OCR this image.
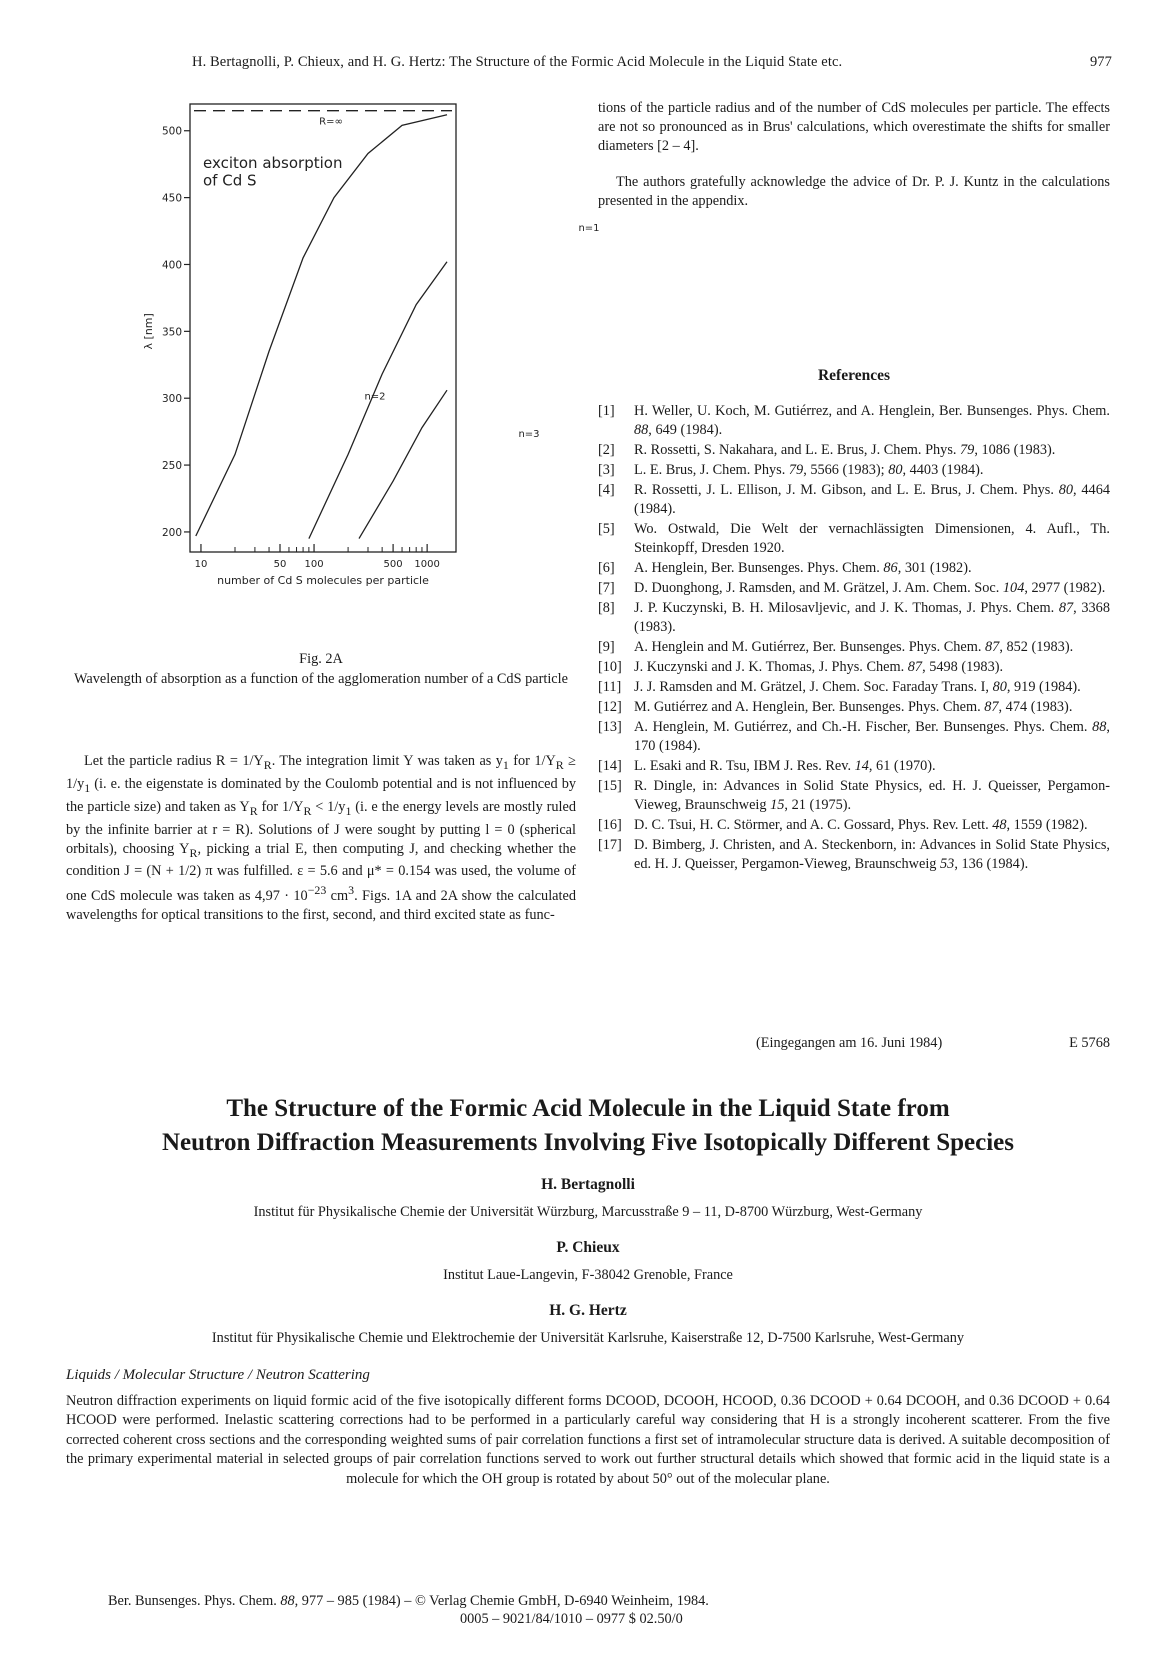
H. Bertagnolli, P. Chieux, and H. G. Hertz: The Structure of the Formic Acid Molecule in the Liquid State etc.	977
500
450
400
350
300
250
200
10	50 100	500 1000
number of Cd S molecules per particle
λ [nm]
R=∞
exciton absorption
of Cd S
n=1
n=2
n=3
Fig. 2A
Wavelength of absorption as a function of the agglomeration number of a CdS particle

Let the particle radius $R = 1/Y_R$. The integration limit Y was taken as $y_1$ for $1/Y_R \ge 1/y_1$ (i. e. the eigenstate is dominated by the Coulomb potential and is not influenced by the particle size) and taken as $Y_R$ for $1/Y_R < 1/y_1$ (i. e the energy levels are mostly ruled by the infinite barrier at r = R). Solutions of J were sought by putting l = 0 (spherical orbitals), choosing $Y_R$, picking a trial E, then computing J, and checking whether the condition J = (N + 1/2) π was fulfilled. ε = 5.6 and μ* = 0.154 was used, the volume of one CdS molecule was taken as $4,97 \cdot 10^{-23}$ $cm^3$. Figs. 1A and 2A show the calculated wavelengths for optical transitions to the first, second, and third excited state as func-

tions of the particle radius and of the number of CdS molecules per particle. The effects are not so pronounced as in Brus' calculations, which overestimate the shifts for smaller diameters [2 – 4].

The authors gratefully acknowledge the advice of Dr. P. J. Kuntz in the calculations presented in the appendix.

References
[1] H. Weller, U. Koch, M. Gutiérrez, and A. Henglein, Ber. Bunsenges. Phys. Chem. 88, 649 (1984).
[2] R. Rossetti, S. Nakahara, and L. E. Brus, J. Chem. Phys. 79, 1086 (1983).
[3] L. E. Brus, J. Chem. Phys. 79, 5566 (1983); 80, 4403 (1984).
[4] R. Rossetti, J. L. Ellison, J. M. Gibson, and L. E. Brus, J. Chem. Phys. 80, 4464 (1984).
[5] Wo. Ostwald, Die Welt der vernachlässigten Dimensionen, 4. Aufl., Th. Steinkopff, Dresden 1920.
[6] A. Henglein, Ber. Bunsenges. Phys. Chem. 86, 301 (1982).
[7] D. Duonghong, J. Ramsden, and M. Grätzel, J. Am. Chem. Soc. 104, 2977 (1982).
[8] J. P. Kuczynski, B. H. Milosavljevic, and J. K. Thomas, J. Phys. Chem. 87, 3368 (1983).
[9] A. Henglein and M. Gutiérrez, Ber. Bunsenges. Phys. Chem. 87, 852 (1983).
[10] J. Kuczynski and J. K. Thomas, J. Phys. Chem. 87, 5498 (1983).
[11] J. J. Ramsden and M. Grätzel, J. Chem. Soc. Faraday Trans. I, 80, 919 (1984).
[12] M. Gutiérrez and A. Henglein, Ber. Bunsenges. Phys. Chem. 87, 474 (1983).
[13] A. Henglein, M. Gutiérrez, and Ch.-H. Fischer, Ber. Bunsenges. Phys. Chem. 88, 170 (1984).
[14] L. Esaki and R. Tsu, IBM J. Res. Rev. 14, 61 (1970).
[15] R. Dingle, in: Advances in Solid State Physics, ed. H. J. Queisser, Pergamon-Vieweg, Braunschweig 15, 21 (1975).
[16] D. C. Tsui, H. C. Störmer, and A. C. Gossard, Phys. Rev. Lett. 48, 1559 (1982).
[17] D. Bimberg, J. Christen, and A. Steckenborn, in: Advances in Solid State Physics, ed. H. J. Queisser, Pergamon-Vieweg, Braunschweig 53, 136 (1984).
(Eingegangen am 16. Juni 1984)	E 5768
The Structure of the Formic Acid Molecule in the Liquid State from
Neutron Diffraction Measurements Involving Five Isotopically Different Species

H. Bertagnolli

Institut für Physikalische Chemie der Universität Würzburg, Marcusstraße 9 – 11, D-8700 Würzburg, West-Germany

P. Chieux

Institut Laue-Langevin, F-38042 Grenoble, France

H. G. Hertz

Institut für Physikalische Chemie und Elektrochemie der Universität Karlsruhe, Kaiserstraße 12, D-7500 Karlsruhe, West-Germany

Liquids / Molecular Structure / Neutron Scattering

Neutron diffraction experiments on liquid formic acid of the five isotopically different forms DCOOD, DCOOH, HCOOD, 0.36 DCOOD + 0.64 DCOOH, and 0.36 DCOOD + 0.64 HCOOD were performed. Inelastic scattering corrections had to be performed in a particularly careful way considering that H is a strongly incoherent scatterer. From the five corrected coherent cross sections and the corresponding weighted sums of pair correlation functions a first set of intramolecular structure data is derived. A suitable decomposition of the primary experimental material in selected groups of pair correlation functions served to work out further structural details which showed that formic acid in the liquid state is a molecule for which the OH group is rotated by about 50° out of the molecular plane.

Ber. Bunsenges. Phys. Chem. 88, 977 – 985 (1984) – © Verlag Chemie GmbH, D-6940 Weinheim, 1984.
0005 – 9021/84/1010 – 0977 $ 02.50/0
